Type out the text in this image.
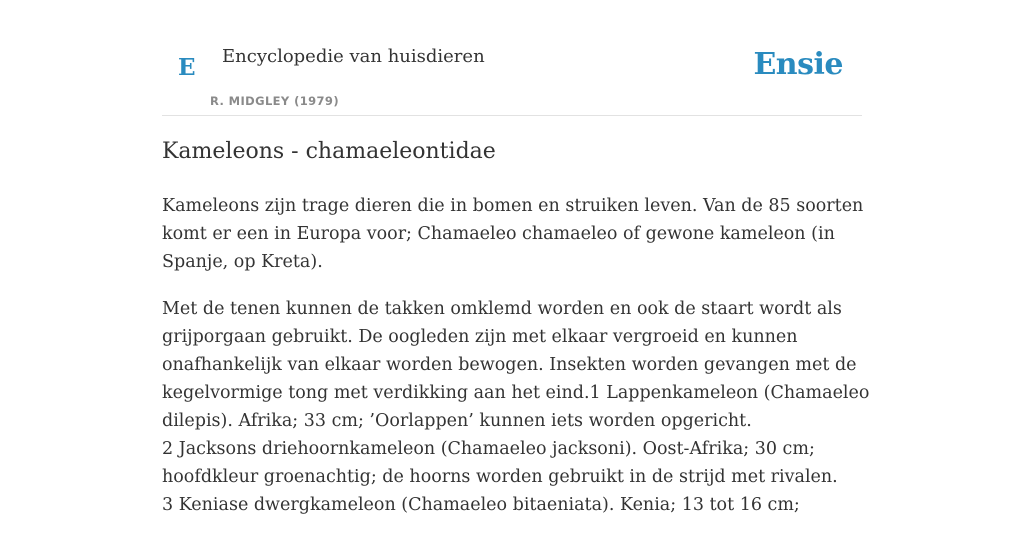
E Encyclopedie van huisdieren
R. MIDGLEY (1979)
Ensie
Kameleons - chamaeleontidae

Kameleons zijn trage dieren die in bomen en struiken leven. Van de 85 soorten
komt er een in Europa voor; Chamaeleo chamaeleo of gewone kameleon (in
Spanje, op Kreta).

Met de tenen kunnen de takken omklemd worden en ook de staart wordt als
grijporgaan gebruikt. De oogleden zijn met elkaar vergroeid en kunnen
onafhankelijk van elkaar worden bewogen. Insekten worden gevangen met de
kegelvormige tong met verdikking aan het eind.1 Lappenkameleon (Chamaeleo
dilepis). Afrika; 33 cm; ’Oorlappen’ kunnen iets worden opgericht.
2 Jacksons driehoornkameleon (Chamaeleo jacksoni). Oost-Afrika; 30 cm;
hoofdkleur groenachtig; de hoorns worden gebruikt in de strijd met rivalen.
3 Keniase dwergkameleon (Chamaeleo bitaeniata). Kenia; 13 tot 16 cm;
